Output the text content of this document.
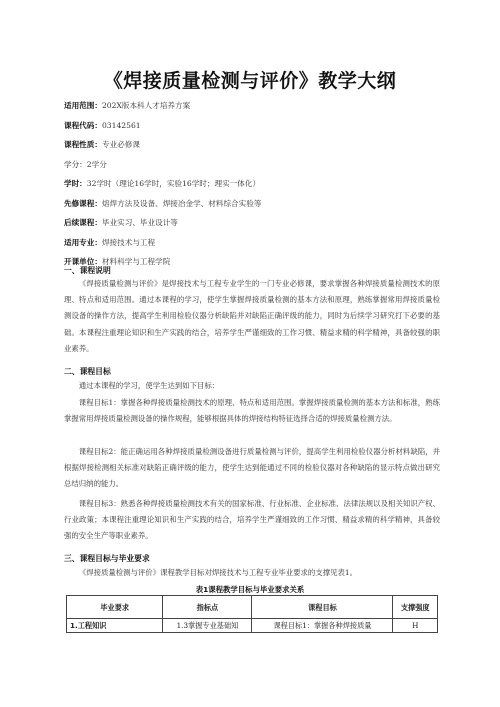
《焊接质量检测与评价》教学大纲
适用范围：202X版本科人才培养方案
课程代码：03142561
课程性质：专业必修课
学分：2学分
学时：32学时（理论16学时，实验16学时；理实一体化）
先修课程：熔焊方法及设备、焊接冶金学、材料综合实验等
后续课程：毕业实习、毕业设计等
适用专业：焊接技术与工程
开课单位：材料科学与工程学院
一、课程说明
《焊接质量检测与评价》是焊接技术与工程专业学生的一门专业必修课，要求掌握各种焊接质量检测技术的原理、特点和适用范围。通过本课程的学习，使学生掌握焊接质量检测的基本方法和原理，熟练掌握常用焊接质量检测设备的操作方法，提高学生利用检验仪器分析缺陷并对缺陷正确评级的能力，同时为后续学习研究打下必要的基础。本课程注重理论知识和生产实践的结合，培养学生严谨细致的工作习惯、精益求精的科学精神，具备较强的职业素养。
二、课程目标
通过本课程的学习，使学生达到如下目标：
课程目标1：掌握各种焊接质量检测技术的原理、特点和适用范围。掌握焊接质量检测的基本方法和标准，熟练掌握常用焊接质量检测设备的操作规程，能够根据具体的焊接结构特征选择合适的焊接质量检测方法。
课程目标2：能正确运用各种焊接质量检测设备进行质量检测与评价，提高学生利用检验仪器分析材料缺陷，并根据焊接检测相关标准对缺陷正确评级的能力，使学生达到能通过不同的检验仪器对各种缺陷的显示特点做出研究总结归纳的能力。
课程目标3：熟悉各种焊接质量检测技术有关的国家标准、行业标准、企业标准、法律法规以及相关知识产权、行业政策；本课程注重理论知识和生产实践的结合，培养学生严谨细致的工作习惯、精益求精的科学精神，具备较强的安全生产等职业素养。
三、课程目标与毕业要求
《焊接质量检测与评价》课程教学目标对焊接技术与工程专业毕业要求的支撑见表1。
表1课程教学目标与毕业要求关系
毕业要求	指标点	课程目标	支撑强度
1.工程知识	1.3掌握专业基础知	课程目标1：掌握各种焊接质量	H
